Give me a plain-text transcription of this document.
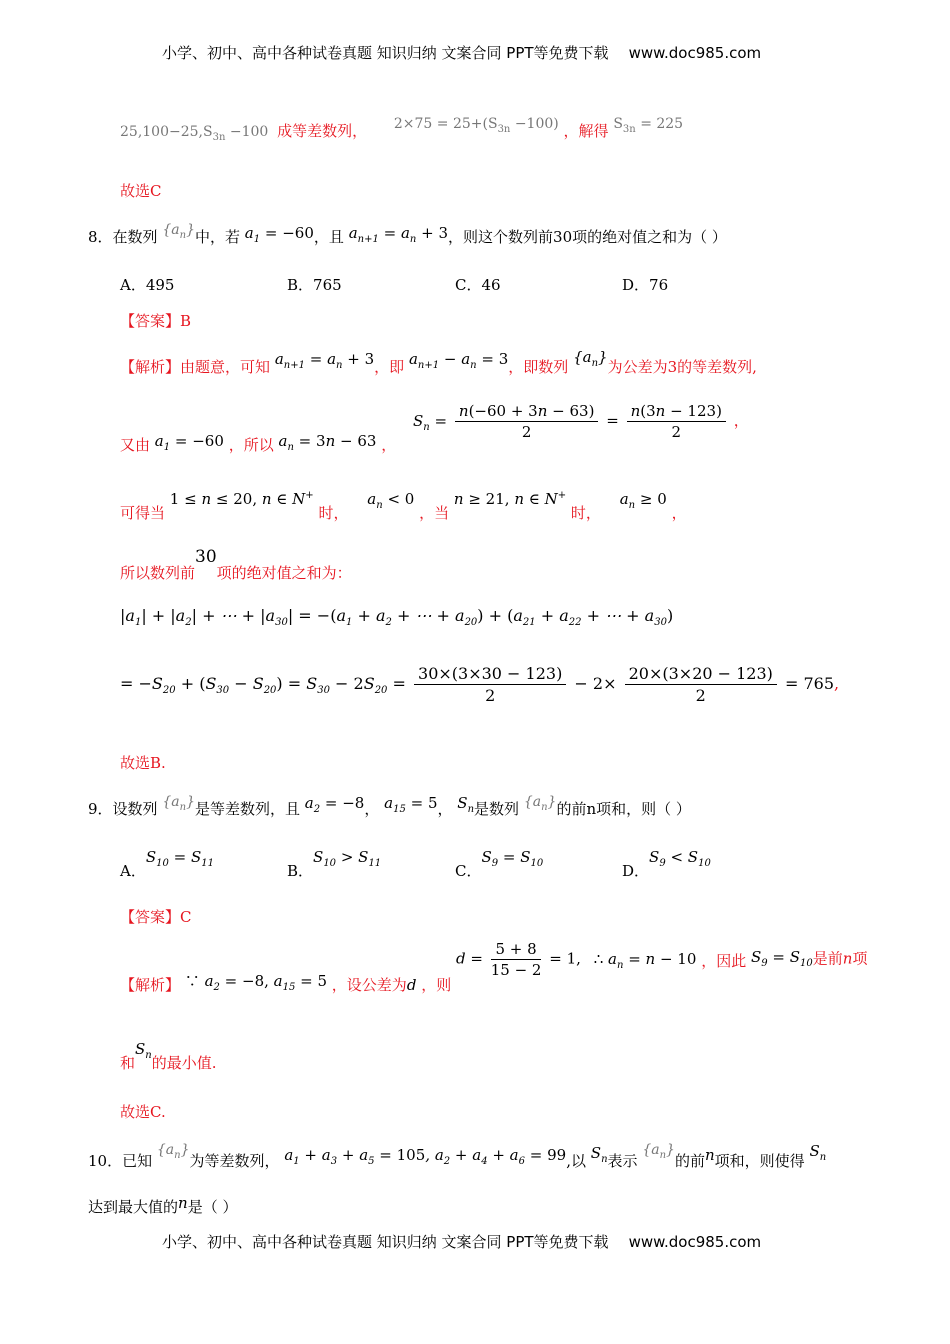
小学、初中、高中各种试卷真题 知识归纳 文案合同 PPT等免费下载 www.doc985.com
$25,100-25,S_{3n} -100$ 成等差数列， $2\times 75 = 25+(S_{3n} -100)$ ，解得 $S_{3n} = 225$
故选C
8．在数列 $\{a_n\}$中，若 $a_1 = -60$，且 $a_{n+1} = a_n + 3$，则这个数列前30项的绝对值之和为（ ）
A．495	B．765	C．46	D．76
【答案】B
【解析】由题意，可知 $a_{n+1} = a_n + 3$，即 $a_{n+1} - a_n = 3$，即数列 $\{a_n\}$为公差为3的等差数列,
又由 $a_1 = -60$ ，所以 $a_n = 3n - 63$ ， $S_n = \frac{n(-60 + 3n - 63)}{2} = \frac{n(3n - 123)}{2}$ ，
可得当 1 ≤ n ≤ 20, n ∈ N+ 时， $a_n < 0$ ，当 n ≥ 21, n ∈ N+ 时， $a_n \ge 0$ ，
所以数列前30项的绝对值之和为：
$|a_1| + |a_2|$ + ⋯ + $|a_{30}| = -(a_1 + a_2$ + ⋯ + $a_{20}) + (a_{21} + a_{22}$ + ⋯ + $a_{30}$)
= $-S_{20} + (S_{30} - S_{20}) = S_{30} - 2S_{20} = \frac{30\times(3\times 30 - 123)}{2} - 2\times \frac{20\times(3\times 20 - 123)}{2} = 765$,
故选B.
9．设数列 $\{a_n\}$是等差数列，且 $a_2 = -8$， $a_{15} = 5$， $S_n$是数列 $\{a_n\}$的前n项和，则（ ）
A．$S_{10} = S_{11}$	B．$S_{10} > S_{11}$	C．$S_9 = S_{10}$	D．$S_9 < S_{10}$
【答案】C
【解析】 ∵ $a_2 = -8$, $a_{15} = 5$ ，设公差为d ，则 $d = \frac{5 + 8}{15 - 2} = 1$, ∴ $a_n = n - 10$ ，因此 $S_9 = S_{10}$是前n项
和$S_n$的最小值.
故选C.
10．已知 $\{a_n\}$为等差数列， $a_1 + a_3 + a_5 = 105$, $a_2 + a_4 + a_6 = 99$,以 $S_n$表示 $\{a_n\}$的前n项和，则使得 $S_n$
达到最大值的n是（ ）
小学、初中、高中各种试卷真题 知识归纳 文案合同 PPT等免费下载 www.doc985.com
